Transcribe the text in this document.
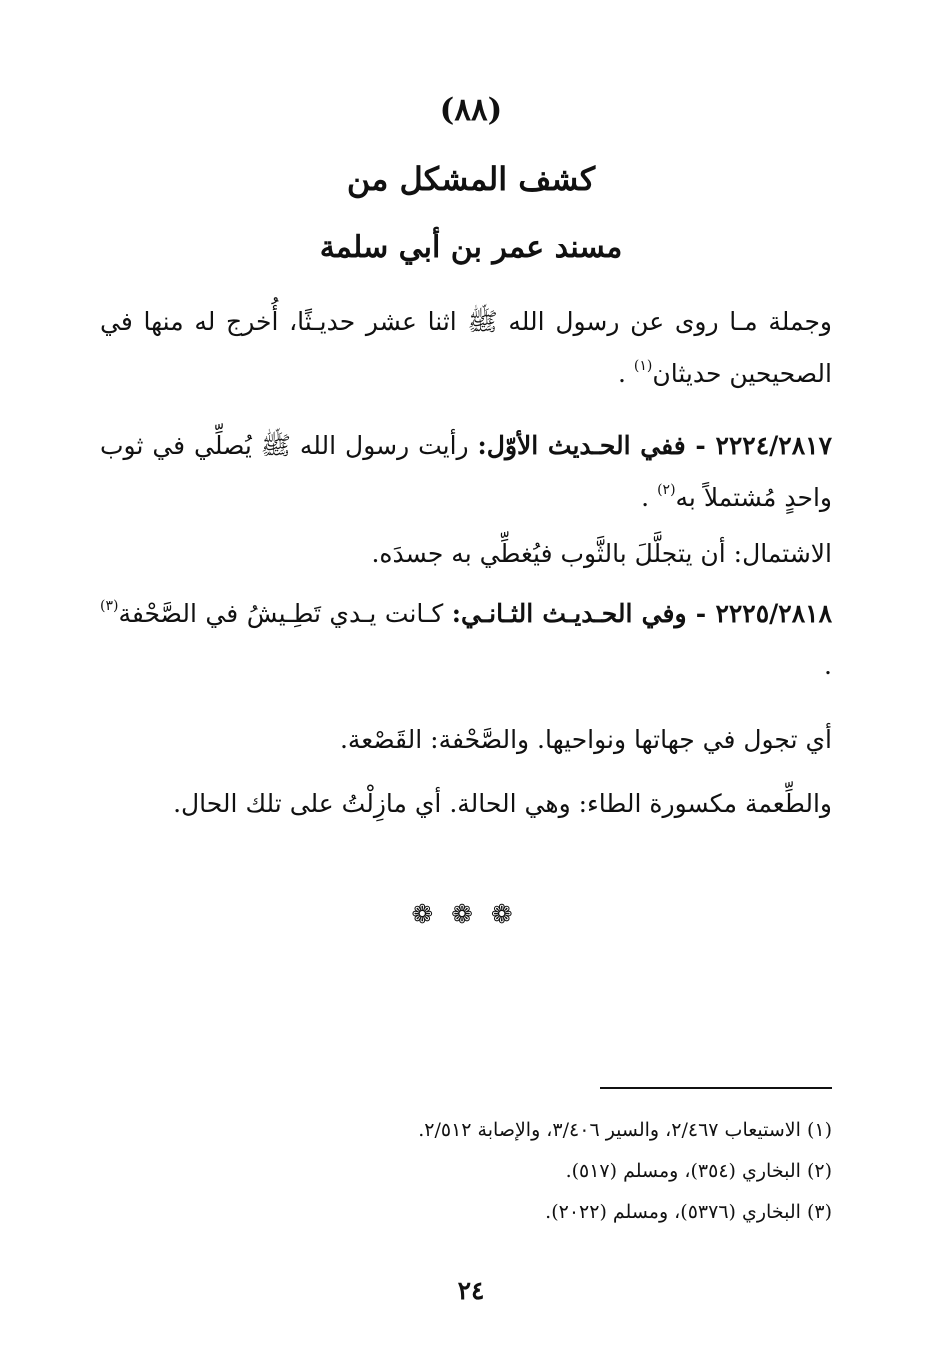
(٨٨)
كشف المشكل من
مسند عمر بن أبي سلمة

وجملة مـا روى عن رسول الله ﷺ اثنا عشر حديـثًا، أُخرج له منها في الصحيحين حديثان$^{(١)}$ .

٢٢٢٤/٢٨١٧ - ففي الحـديث الأوّل: رأيت رسول الله ﷺ يُصلِّي في ثوب واحدٍ مُشتملاً به$^{(٢)}$ .

الاشتمال: أن يتجلَّلَ بالثَّوب فيُغطِّي به جسدَه.

٢٢٢٥/٢٨١٨ - وفي الحـديـث الثـانـي: كـانت يـدي تَطِـيشُ في الصَّحْفة$^{(٣)}$ .

أي تجول في جهاتها ونواحيها. والصَّحْفة: القَصْعة.

والطِّعمة مكسورة الطاء: وهي الحالة. أي مازِلْتُ على تلك الحال.

❁❁❁
(١) الاستيعاب ٢/٤٦٧، والسير ٣/٤٠٦، والإصابة ٢/٥١٢.
(٢) البخاري (٣٥٤)، ومسلم (٥١٧).
(٣) البخاري (٥٣٧٦)، ومسلم (٢٠٢٢).
٢٤
